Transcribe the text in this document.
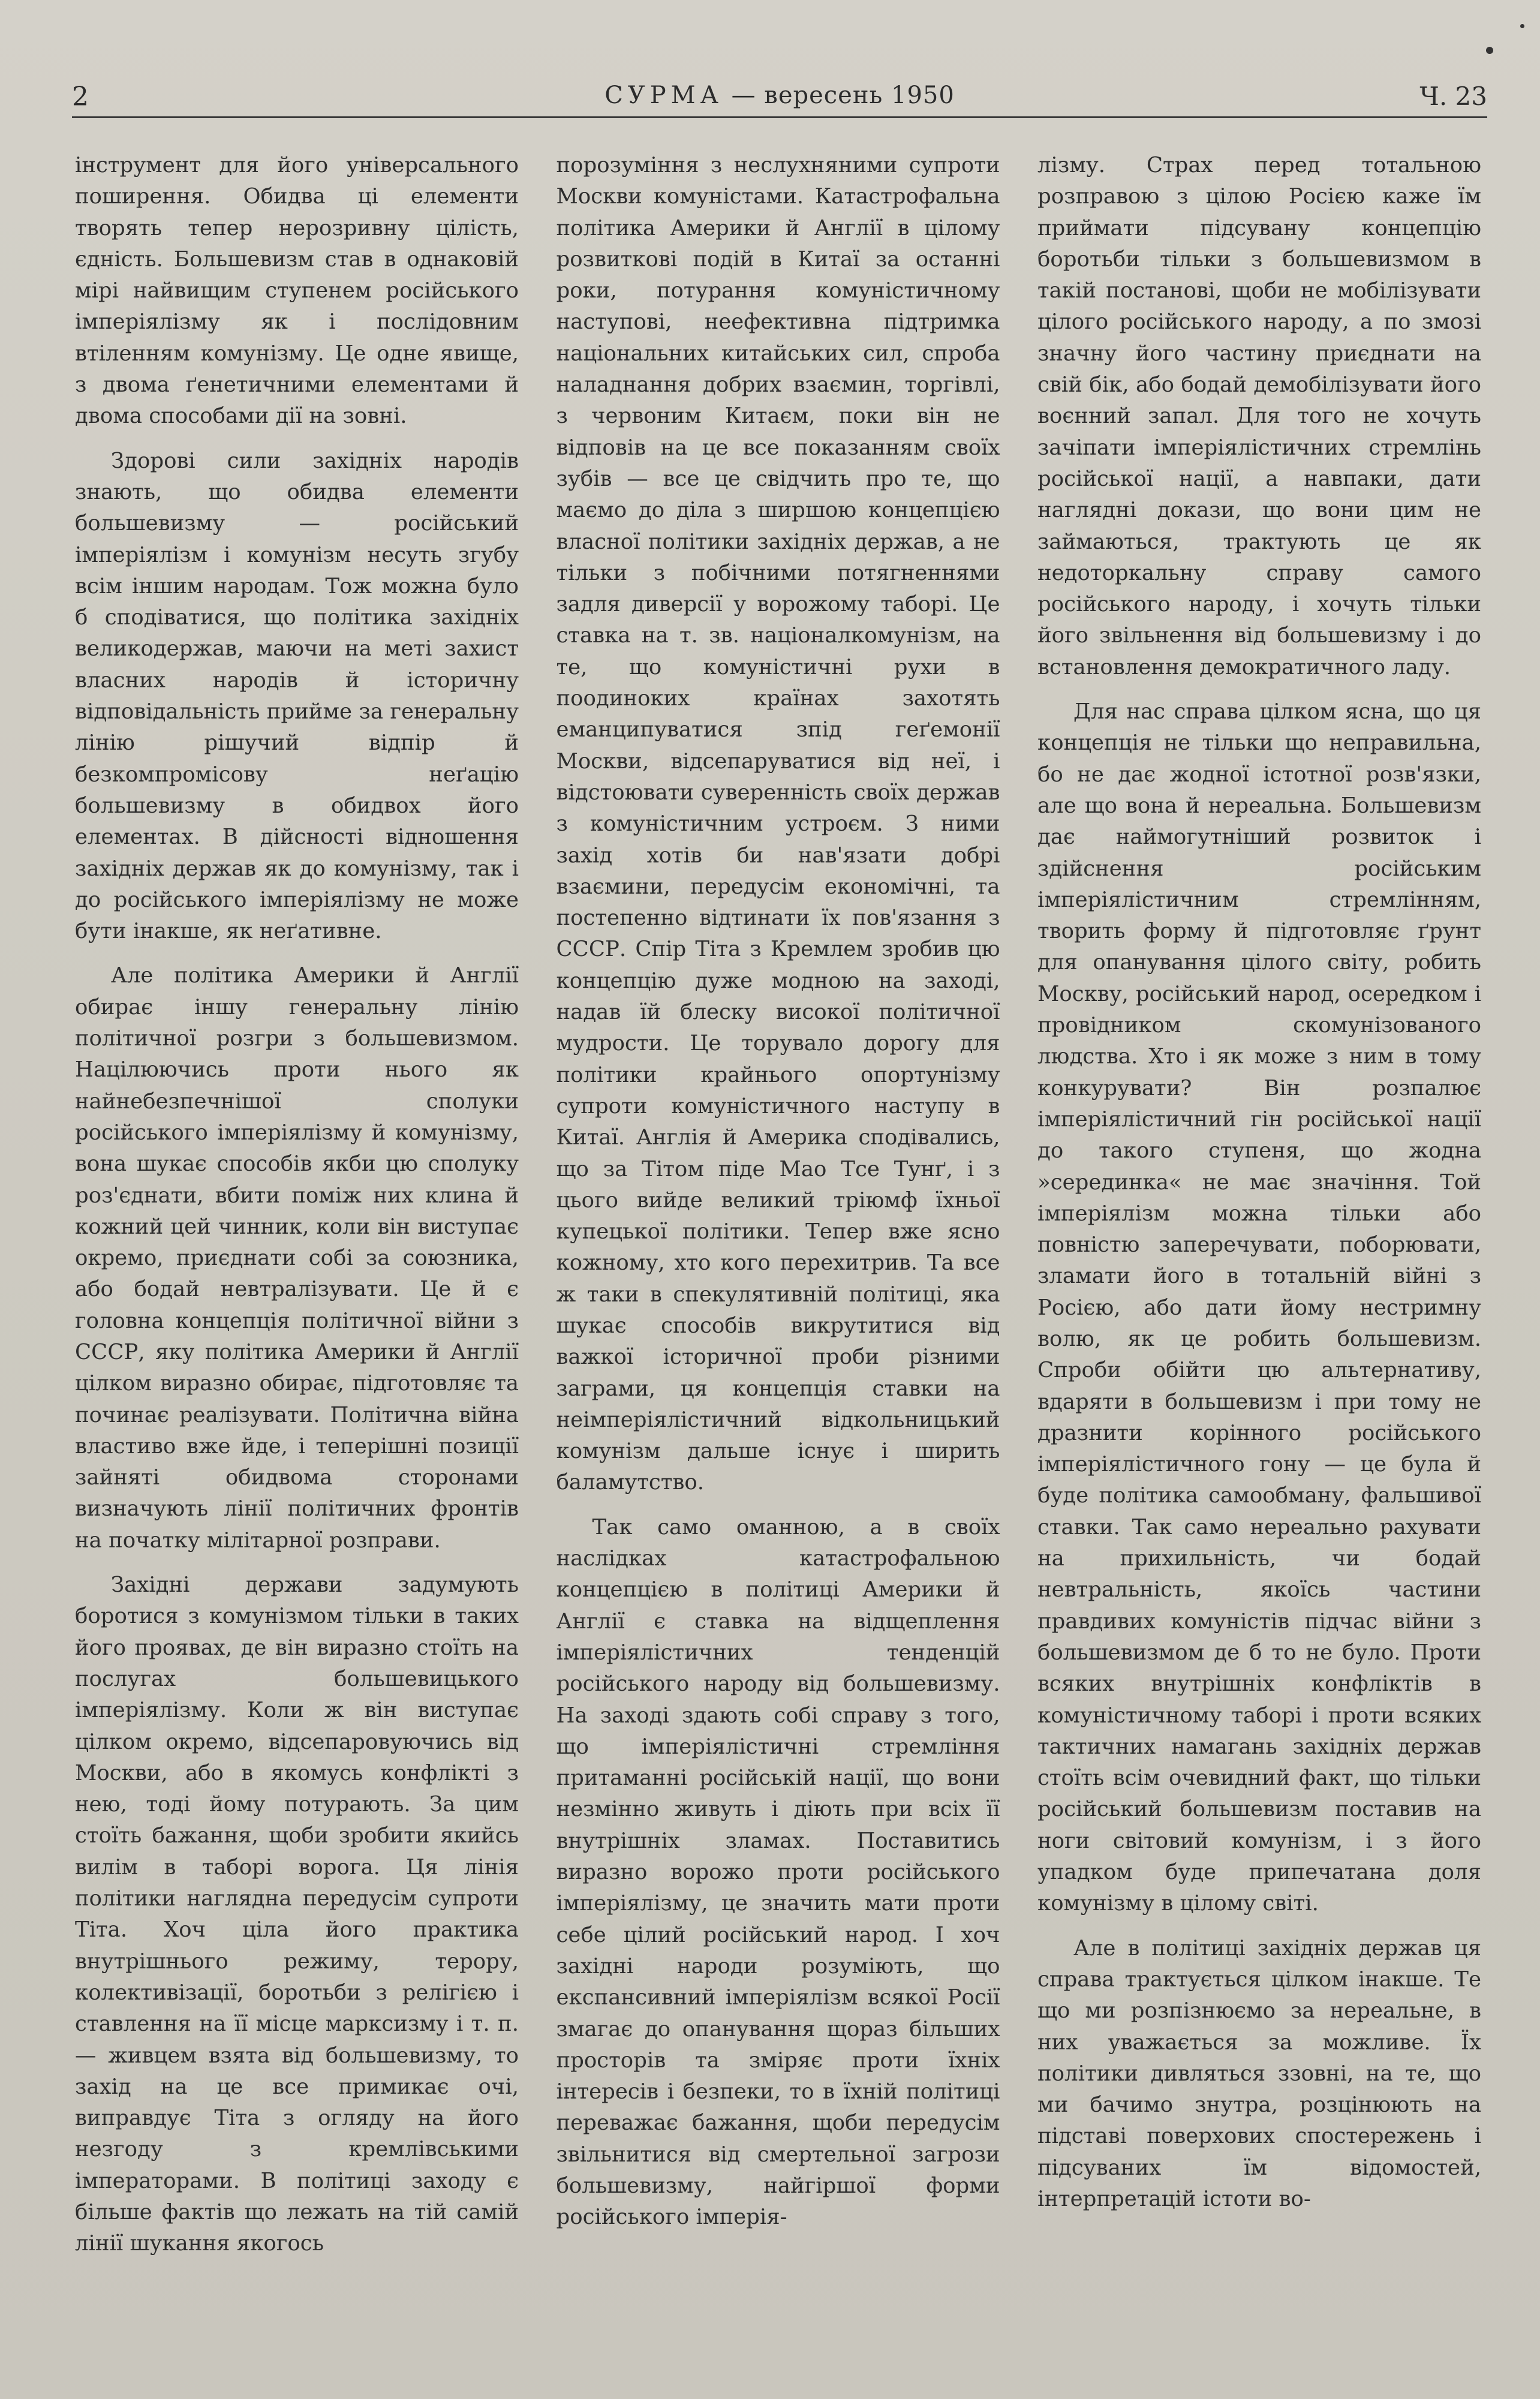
2	СУРМА — вересень 1950	Ч. 23

інструмент для його універсального поширення. Обидва ці елементи творять тепер нерозривну цілість, єдність. Большевизм став в однаковій мірі найвищим ступенем російського імперіялізму як і послідовним втіленням комунізму. Це одне явище, з двома ґенетичними елементами й двома способами дії на зовні.

Здорові сили західніх народів знають, що обидва елементи большевизму — російський імперіялізм і комунізм несуть згубу всім іншим народам. Тож можна було б сподіватися, що політика західніх великодержав, маючи на меті захист власних народів й історичну відповідальність прийме за генеральну лінію рішучий відпір й безкомпромісову неґацію большевизму в обидвох його елементах. В дійсності відношення західніх держав як до комунізму, так і до російського імперіялізму не може бути інакше, як неґативне.

Але політика Америки й Англії обирає іншу генеральну лінію політичної розгри з большевизмом. Націлюючись проти нього як найнебезпечнішої сполуки російського імперіялізму й комунізму, вона шукає способів якби цю сполуку роз'єднати, вбити поміж них клина й кожний цей чинник, коли він виступає окремо, приєднати собі за союзника, або бодай невтралізувати. Це й є головна концепція політичної війни з СССР, яку політика Америки й Англії цілком виразно обирає, підготовляє та починає реалізувати. Політична війна властиво вже йде, і теперішні позиції зайняті обидвома сторонами визначують лінії політичних фронтів на початку мілітарної розправи.

Західні держави задумують боротися з комунізмом тільки в таких його проявах, де він виразно стоїть на послугах большевицького імперіялізму. Коли ж він виступає цілком окремо, відсепаровуючись від Москви, або в якомусь конфлікті з нею, тоді йому потурають. За цим стоїть бажання, щоби зробити якийсь вилім в таборі ворога. Ця лінія політики наглядна передусім супроти Тіта. Хоч ціла його практика внутрішнього режиму, терору, колективізації, боротьби з релігією і ставлення на її місце марксизму і т. п. — живцем взята від большевизму, то захід на це все примикає очі, виправдує Тіта з огляду на його незгоду з кремлівськими імператорами. В політиці заходу є більше фактів що лежать на тій самій лінії шукання якогось

порозуміння з неслухняними супроти Москви комуністами. Катастрофальна політика Америки й Англії в цілому розвиткові подій в Китаї за останні роки, потурання комуністичному наступові, неефективна підтримка національних китайських сил, спроба наладнання добрих взаємин, торгівлі, з червоним Китаєм, поки він не відповів на це все показанням своїх зубів — все це свідчить про те, що маємо до діла з ширшою концепцією власної політики західніх держав, а не тільки з побічними потягненнями задля диверсії у ворожому таборі. Це ставка на т. зв. націоналкомунізм, на те, що комуністичні рухи в поодиноких країнах захотять еманципуватися зпід геґемонії Москви, відсепаруватися від неї, і відстоювати суверенність своїх держав з комуністичним устроєм. З ними захід хотів би нав'язати добрі взаємини, передусім економічні, та постепенно відтинати їх пов'язання з СССР. Спір Тіта з Кремлем зробив цю концепцію дуже модною на заході, надав їй блеску високої політичної мудрости. Це торувало дорогу для політики крайнього опортунізму супроти комуністичного наступу в Китаї. Англія й Америка сподівались, що за Тітом піде Мао Тсе Тунґ, і з цього вийде великий тріюмф їхньої купецької політики. Тепер вже ясно кожному, хто кого перехитрив. Та все ж таки в спекулятивній політиці, яка шукає способів викрутитися від важкої історичної проби різними заграми, ця концепція ставки на неімперіялістичний відкольницький комунізм дальше існує і ширить баламутство.

Так само оманною, а в своїх наслідках катастрофальною концепцією в політиці Америки й Англії є ставка на відщеплення імперіялістичних тенденцій російського народу від большевизму. На заході здають собі справу з того, що імперіялістичні стремління притаманні російській нації, що вони незмінно живуть і діють при всіх її внутрішніх зламах. Поставитись виразно ворожо проти російського імперіялізму, це значить мати проти себе цілий російський народ. І хоч західні народи розуміють, що експансивний імперіялізм всякої Росії змагає до опанування щораз більших просторів та зміряє проти їхніх інтересів і безпеки, то в їхній політиці переважає бажання, щоби передусім звільнитися від смертельної загрози большевизму, найгіршої форми російського імперія-

лізму. Страх перед тотальною розправою з цілою Росією каже їм приймати підсувану концепцію боротьби тільки з большевизмом в такій постанові, щоби не мобілізувати цілого російського народу, а по змозі значну його частину приєднати на свій бік, або бодай демобілізувати його воєнний запал. Для того не хочуть зачіпати імперіялістичних стремлінь російської нації, а навпаки, дати наглядні докази, що вони цим не займаються, трактують це як недоторкальну справу самого російського народу, і хочуть тільки його звільнення від большевизму і до встановлення демократичного ладу.

Для нас справа цілком ясна, що ця концепція не тільки що неправильна, бо не дає жодної істотної розв'язки, але що вона й нереальна. Большевизм дає наймогутніший розвиток і здійснення російським імперіялістичним стремлінням, творить форму й підготовляє ґрунт для опанування цілого світу, робить Москву, російський народ, осередком і провідником скомунізованого людства. Хто і як може з ним в тому конкурувати? Він розпалює імперіялістичний гін російської нації до такого ступеня, що жодна »серединка« не має значіння. Той імперіялізм можна тільки або повністю заперечувати, поборювати, зламати його в тотальній війні з Росією, або дати йому нестримну волю, як це робить большевизм. Спроби обійти цю альтернативу, вдаряти в большевизм і при тому не дразнити корінного російського імперіялістичного гону — це була й буде політика самообману, фальшивої ставки. Так само нереально рахувати на прихильність, чи бодай невтральність, якоїсь частини правдивих комуністів підчас війни з большевизмом де б то не було. Проти всяких внутрішніх конфліктів в комуністичному таборі і проти всяких тактичних намагань західніх держав стоїть всім очевидний факт, що тільки російський большевизм поставив на ноги світовий комунізм, і з його упадком буде припечатана доля комунізму в цілому світі.

Але в політиці західніх держав ця справа трактується цілком інакше. Те що ми розпізнюємо за нереальне, в них уважається за можливе. Їх політики дивляться ззовні, на те, що ми бачимо знутра, розцінюють на підставі поверхових спостережень і підсуваних їм відомостей, інтерпретацій істоти во-
